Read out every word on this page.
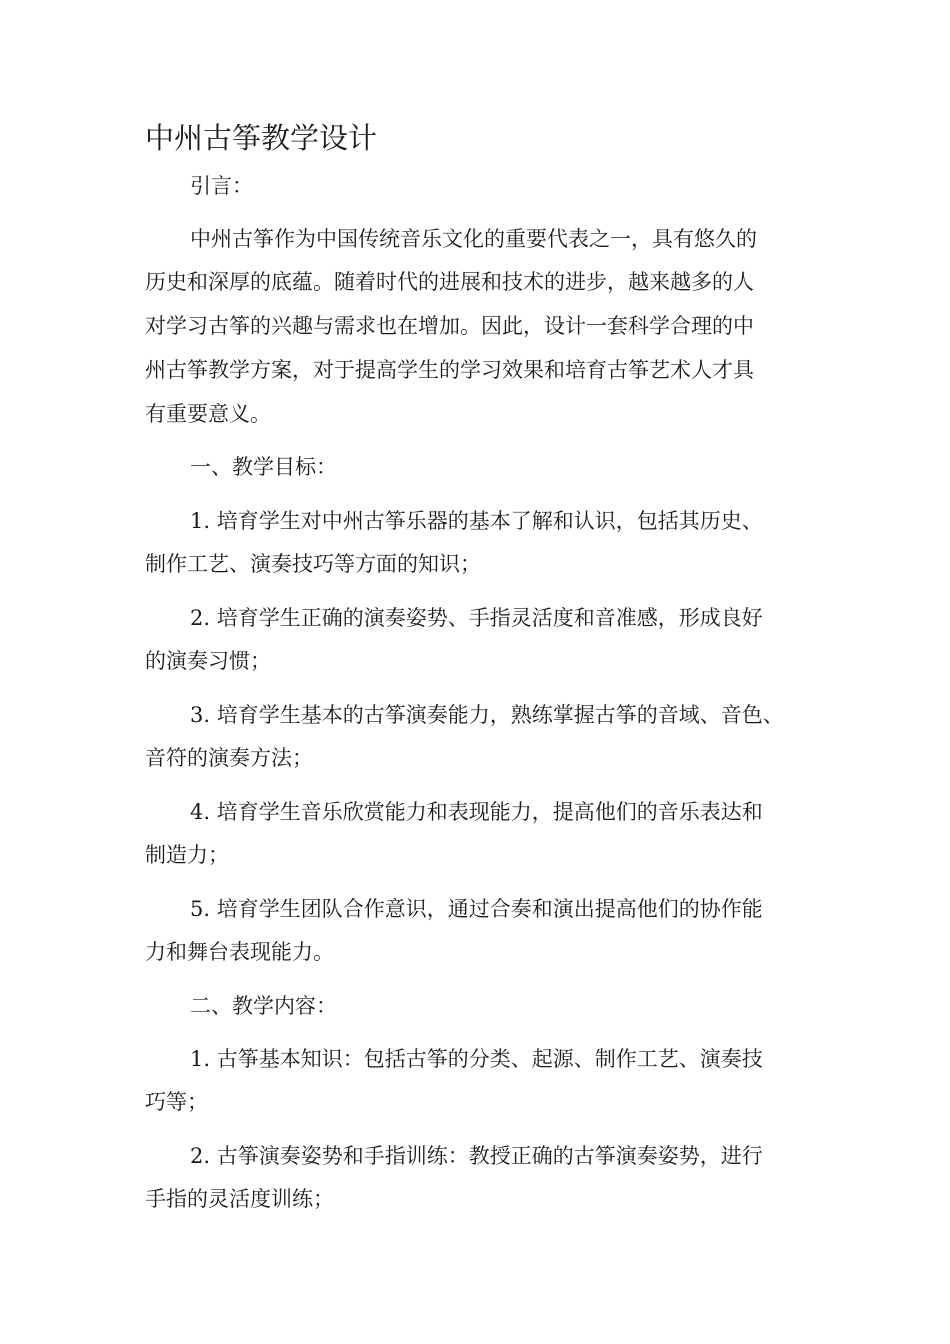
中州古筝教学设计
引言：
中州古筝作为中国传统音乐文化的重要代表之一，具有悠久的
历史和深厚的底蕴。随着时代的进展和技术的进步，越来越多的人
对学习古筝的兴趣与需求也在增加。因此，设计一套科学合理的中
州古筝教学方案，对于提高学生的学习效果和培育古筝艺术人才具
有重要意义。
一、教学目标：
1. 培育学生对中州古筝乐器的基本了解和认识，包括其历史、
制作工艺、演奏技巧等方面的知识；
2. 培育学生正确的演奏姿势、手指灵活度和音准感，形成良好
的演奏习惯；
3. 培育学生基本的古筝演奏能力，熟练掌握古筝的音域、音色、
音符的演奏方法；
4. 培育学生音乐欣赏能力和表现能力，提高他们的音乐表达和
制造力；
5. 培育学生团队合作意识，通过合奏和演出提高他们的协作能
力和舞台表现能力。
二、教学内容：
1. 古筝基本知识：包括古筝的分类、起源、制作工艺、演奏技
巧等；
2. 古筝演奏姿势和手指训练：教授正确的古筝演奏姿势，进行
手指的灵活度训练；
